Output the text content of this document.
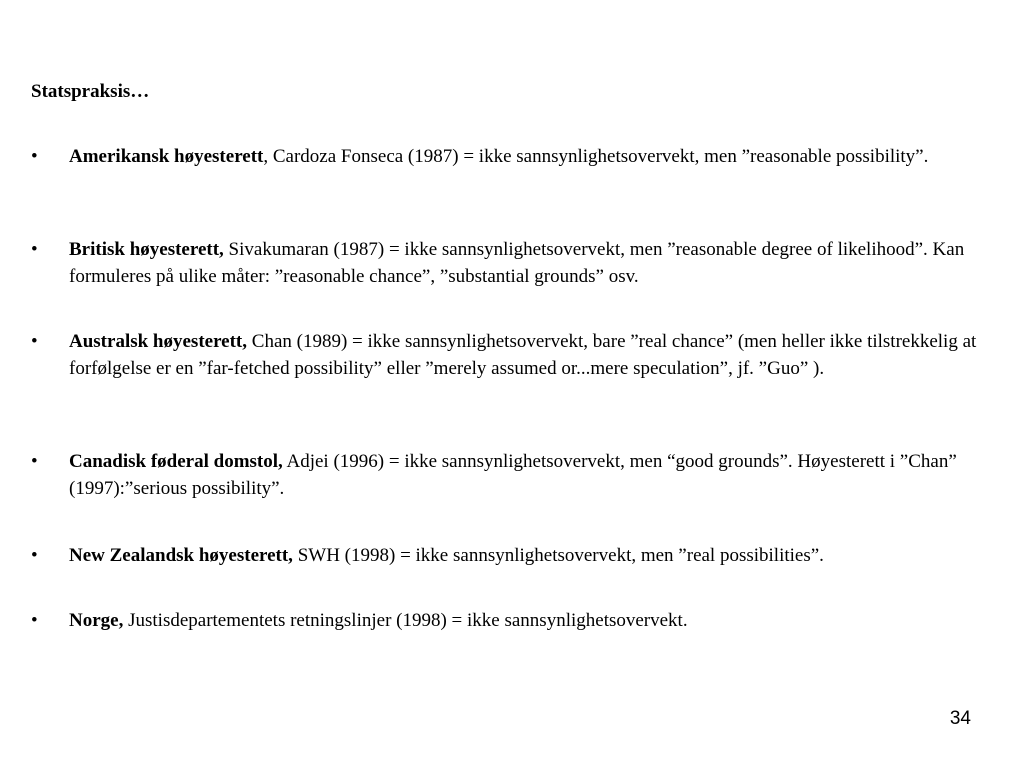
Statspraksis…

•	Amerikansk høyesterett, Cardoza Fonseca (1987) = ikke sannsynlighetsovervekt, men ”reasonable possibility”.
•	Britisk høyesterett, Sivakumaran (1987) = ikke sannsynlighetsovervekt, men ”reasonable degree of likelihood”. Kan formuleres på ulike måter: ”reasonable chance”, ”substantial grounds” osv.
•	Australsk høyesterett, Chan (1989) = ikke sannsynlighetsovervekt, bare ”real chance” (men heller ikke tilstrekkelig at forfølgelse er en ”far-fetched possibility” eller ”merely assumed or...mere speculation”, jf. ”Guo” ).
•	Canadisk føderal domstol, Adjei (1996) = ikke sannsynlighetsovervekt, men “good grounds”. Høyesterett i ”Chan” (1997):”serious possibility”.
•	New Zealandsk høyesterett, SWH (1998) = ikke sannsynlighetsovervekt, men ”real possibilities”.
•	Norge, Justisdepartementets retningslinjer (1998) = ikke sannsynlighetsovervekt.
34
